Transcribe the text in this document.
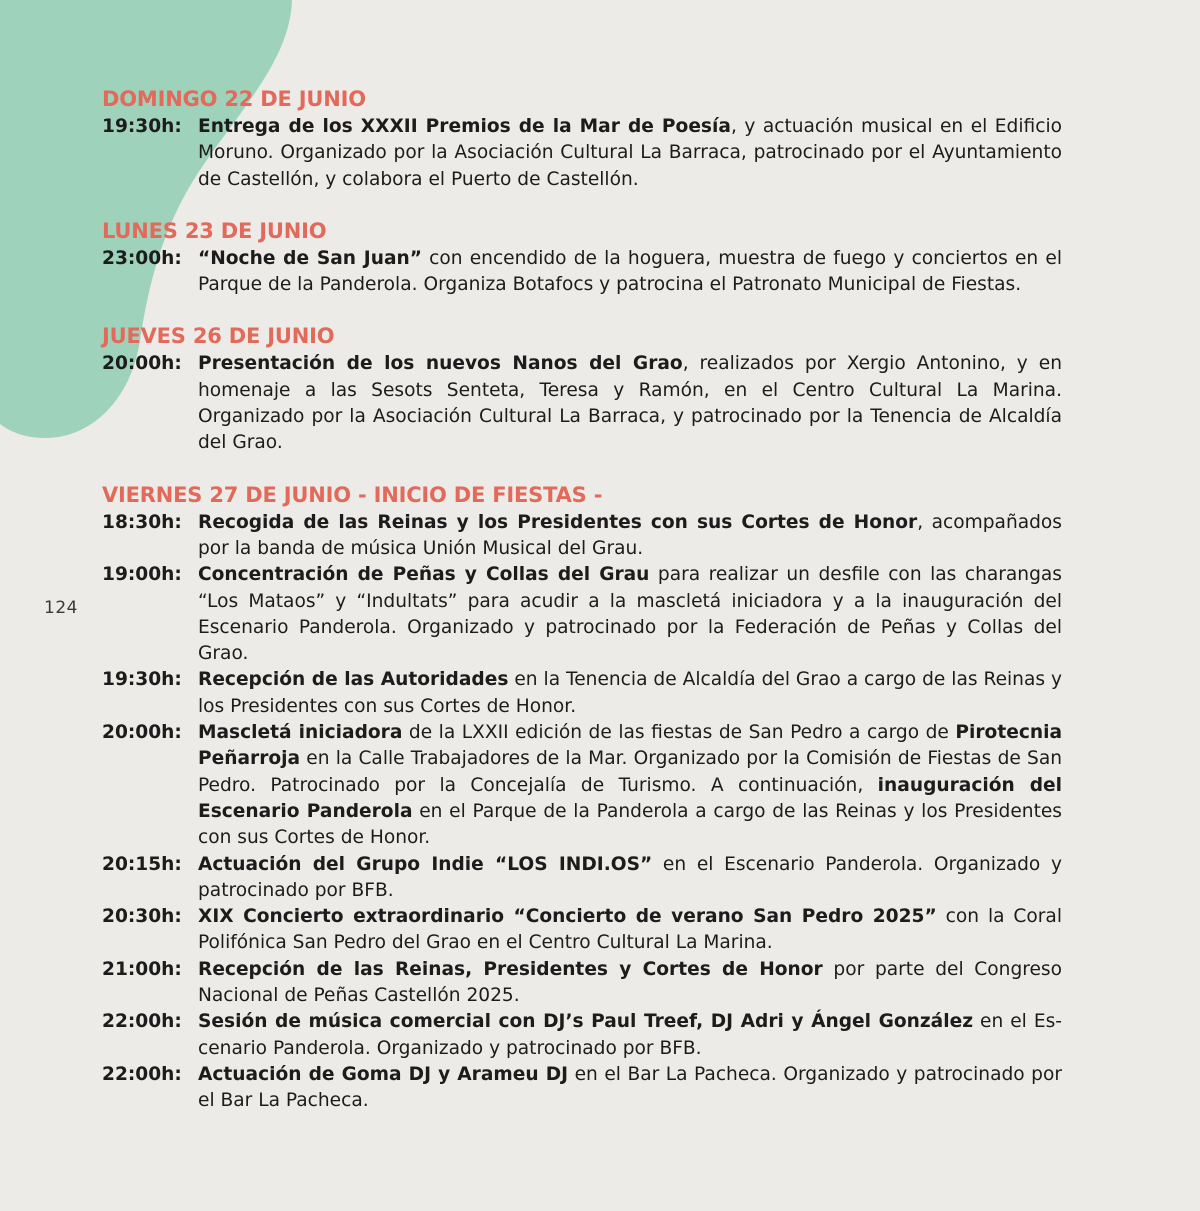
124
DOMINGO 22 DE JUNIO
19:30h: Entrega de los XXXII Premios de la Mar de Poesía, y actuación musical en el Edificio Moruno. Organizado por la Asociación Cultural La Barraca, patrocinado por el Ayuntamiento de Castellón, y colabora el Puerto de Castellón.
LUNES 23 DE JUNIO
23:00h: “Noche de San Juan” con encendido de la hoguera, muestra de fuego y conciertos en el Parque de la Panderola. Organiza Botafocs y patrocina el Patronato Municipal de Fiestas.
JUEVES 26 DE JUNIO
20:00h: Presentación de los nuevos Nanos del Grao, realizados por Xergio Antonino, y en homenaje a las Sesots Senteta, Teresa y Ramón, en el Centro Cultural La Marina. Organizado por la Asociación Cultural La Barraca, y patrocinado por la Tenencia de Alcaldía del Grao.
VIERNES 27 DE JUNIO - INICIO DE FIESTAS -
18:30h: Recogida de las Reinas y los Presidentes con sus Cortes de Honor, acompañados por la banda de música Unión Musical del Grau.
19:00h: Concentración de Peñas y Collas del Grau para realizar un desfile con las charangas “Los Mataos” y “Indultats” para acudir a la mascletá iniciadora y a la inauguración del Escenario Panderola. Organizado y patrocinado por la Federación de Peñas y Collas del Grao.
19:30h: Recepción de las Autoridades en la Tenencia de Alcaldía del Grao a cargo de las Reinas y los Presidentes con sus Cortes de Honor.
20:00h: Mascletá iniciadora de la LXXII edición de las fiestas de San Pedro a cargo de Pirotecnia Peñarroja en la Calle Trabajadores de la Mar. Organizado por la Comisión de Fiestas de San Pedro. Patrocinado por la Concejalía de Turismo. A continuación, inauguración del Escenario Panderola en el Parque de la Panderola a cargo de las Reinas y los Presidentes con sus Cortes de Honor.
20:15h: Actuación del Grupo Indie “LOS INDI.OS” en el Escenario Panderola. Organizado y patrocinado por BFB.
20:30h: XIX Concierto extraordinario “Concierto de verano San Pedro 2025” con la Coral Polifónica San Pedro del Grao en el Centro Cultural La Marina.
21:00h: Recepción de las Reinas, Presidentes y Cortes de Honor por parte del Congreso Nacional de Peñas Castellón 2025.
22:00h: Sesión de música comercial con DJ’s Paul Treef, DJ Adri y Ángel González en el Escenario Panderola. Organizado y patrocinado por BFB.
22:00h: Actuación de Goma DJ y Arameu DJ en el Bar La Pacheca. Organizado y patrocinado por el Bar La Pacheca.
